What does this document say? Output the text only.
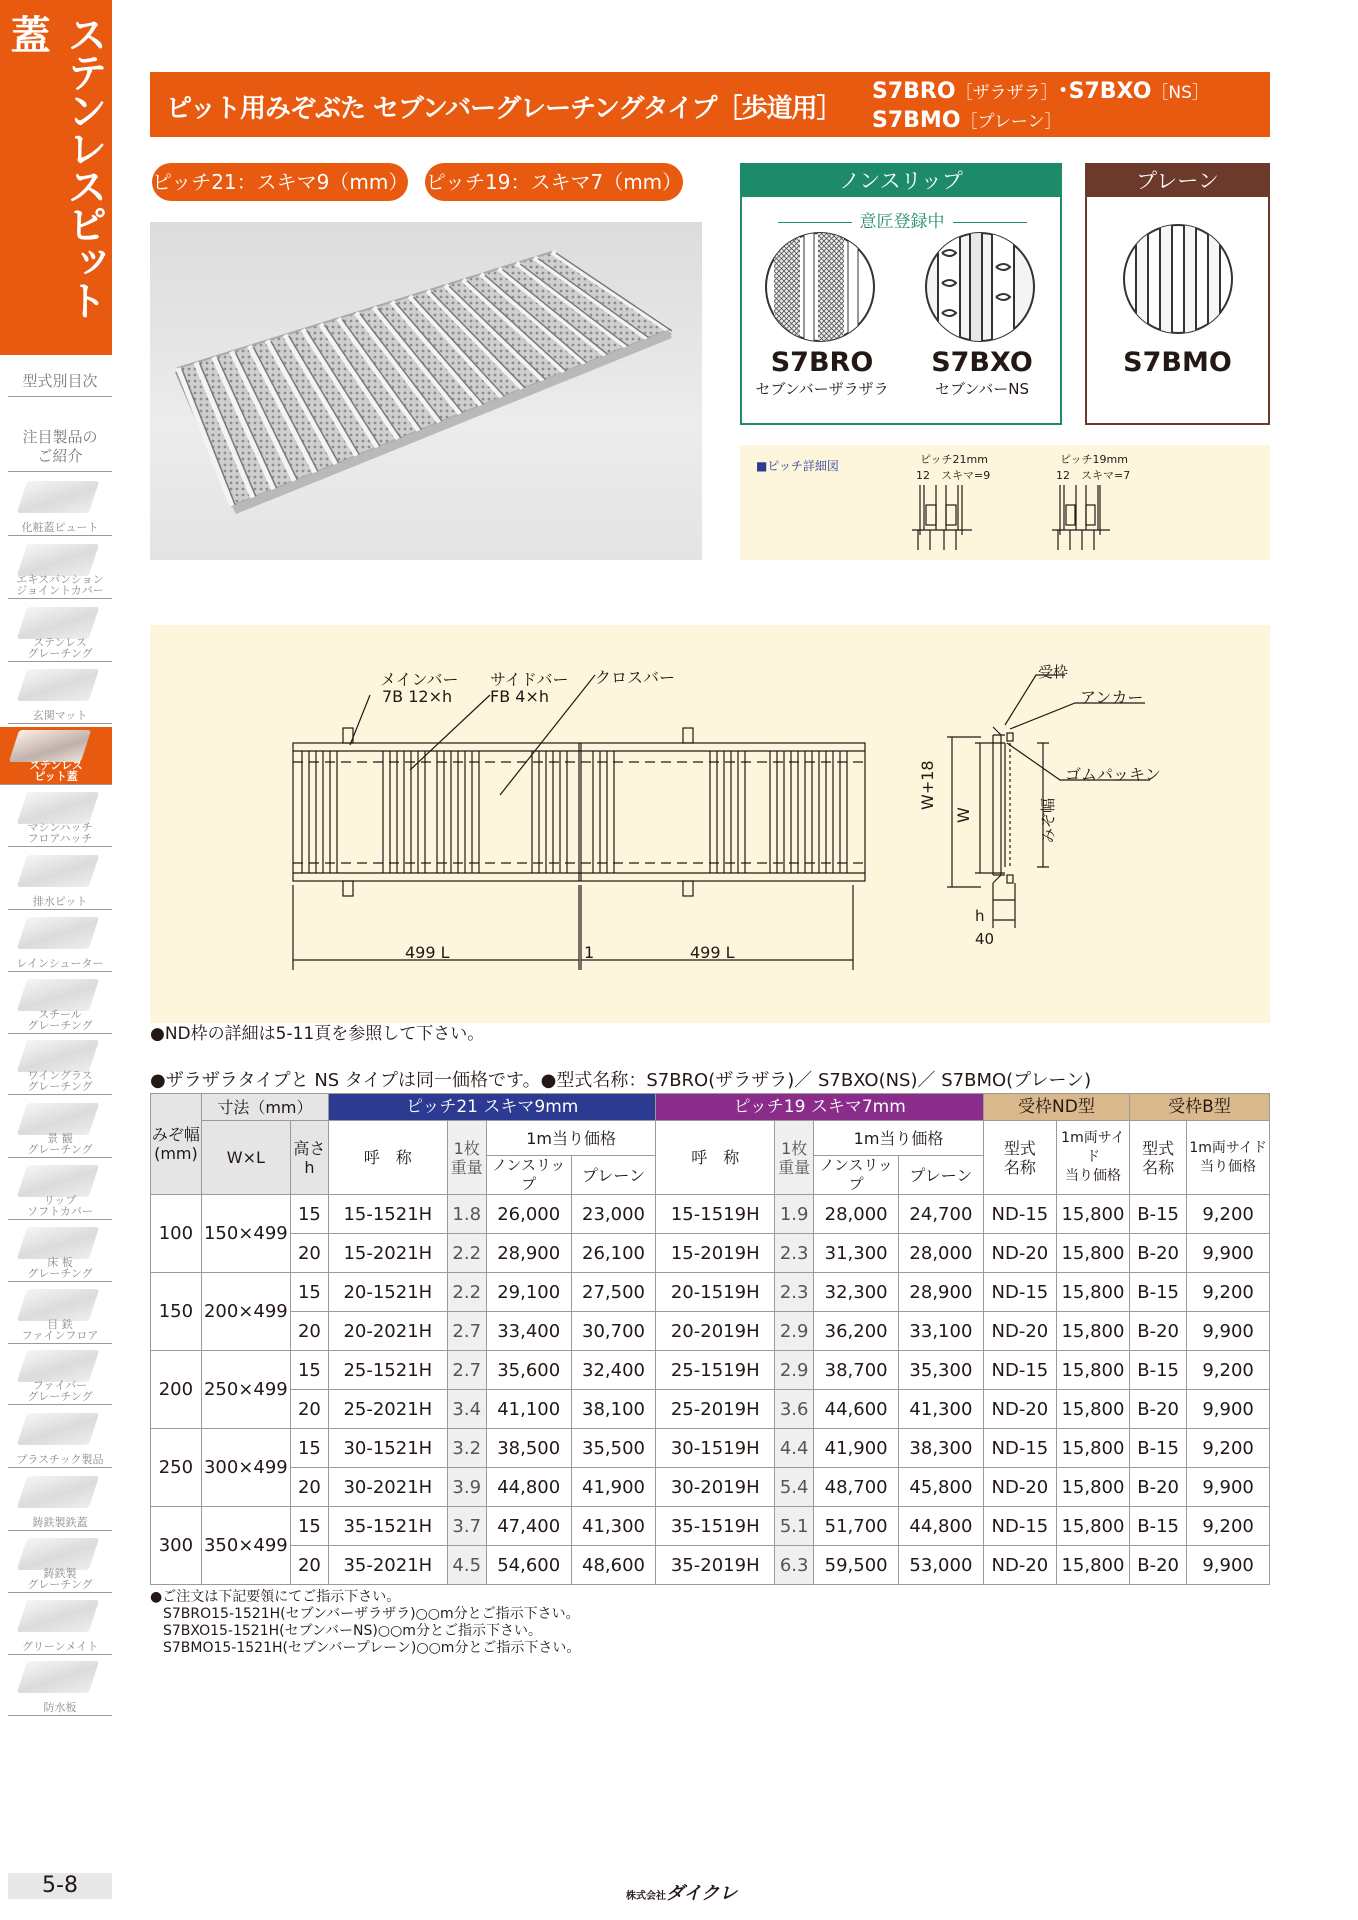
ステンレスピット蓋
型式別目次
注目製品の
ご紹介
化粧蓋ピュート
エキスパンション
ジョイントカバー
ステンレス
グレーチング
玄関マット
ステンレス
ピット蓋
マシンハッチ
フロアハッチ
排水ピット
レインシューター
スチール
グレーチング
ワイングラス
グレーチング
景 観
グレーチング
リップ
ソフトカバー
床 板
グレーチング
目 鉄
ファインフロア
ファイバー
グレーチング
プラスチック製品
鋳鉄製鉄蓋
鋳鉄製
グレーチング
グリーンメイト
防水板
ピット用みぞぶた セブンバーグレーチングタイプ［歩道用］
S7BRO［ザラザラ］･S7BXO［NS］
S7BMO［プレーン］
ピッチ21：スキマ9（mm） ピッチ19：スキマ7（mm）	ノンスリップ
意匠登録中
S7BRO
セブンバーザラザラ
S7BXO
セブンバーNS
プレーン
S7BMO
■ピッチ詳細図	ピッチ21mm
12　スキマ=9
ピッチ19mm
12　スキマ=7
メインバー
7B 12×h
サイドバー
FB 4×h
クロスバー	受枠
アンカー
ゴムパッキン
W+18
W	みぞ幅
h
40
499 L	1	499 L
●ND枠の詳細は5-11頁を参照して下さい。
●ザラザラタイプと NS タイプは同一価格です。●型式名称：S7BRO(ザラザラ)／ S7BXO(NS)／ S7BMO(プレーン)
みぞ幅(mm)	寸法（mm）		ピッチ21 スキマ9mm				ピッチ19 スキマ7mm				受枠ND型		受枠B型	
	W×L	高さ
h	呼　称	1枚
重量	1m当り価格		呼　称	1枚
重量	1m当り価格		型式
名称	1m両サイド
当り価格	型式
名称	1m両サイド
当り価格
					ノンスリップ	プレーン			ノンスリップ	プレーン				
100	150×499	15	15-1521H	1.8	26,000	23,000	15-1519H	1.9	28,000	24,700	ND-15	15,800	B-15	9,200
		20	15-2021H	2.2	28,900	26,100	15-2019H	2.3	31,300	28,000	ND-20	15,800	B-20	9,900
150	200×499	15	20-1521H	2.2	29,100	27,500	20-1519H	2.3	32,300	28,900	ND-15	15,800	B-15	9,200
		20	20-2021H	2.7	33,400	30,700	20-2019H	2.9	36,200	33,100	ND-20	15,800	B-20	9,900
200	250×499	15	25-1521H	2.7	35,600	32,400	25-1519H	2.9	38,700	35,300	ND-15	15,800	B-15	9,200
		20	25-2021H	3.4	41,100	38,100	25-2019H	3.6	44,600	41,300	ND-20	15,800	B-20	9,900
250	300×499	15	30-1521H	3.2	38,500	35,500	30-1519H	4.4	41,900	38,300	ND-15	15,800	B-15	9,200
		20	30-2021H	3.9	44,800	41,900	30-2019H	5.4	48,700	45,800	ND-20	15,800	B-20	9,900
300	350×499	15	35-1521H	3.7	47,400	41,300	35-1519H	5.1	51,700	44,800	ND-15	15,800	B-15	9,200
		20	35-2021H	4.5	54,600	48,600	35-2019H	6.3	59,500	53,000	ND-20	15,800	B-20	9,900
●ご注文は下記要領にてご指示下さい。
S7BRO15-1521H(セブンバーザラザラ)○○m分とご指示下さい。
S7BXO15-1521H(セブンバーNS)○○m分とご指示下さい。
S7BMO15-1521H(セブンバープレーン)○○m分とご指示下さい。
5-8	株式会社ダイクレ
